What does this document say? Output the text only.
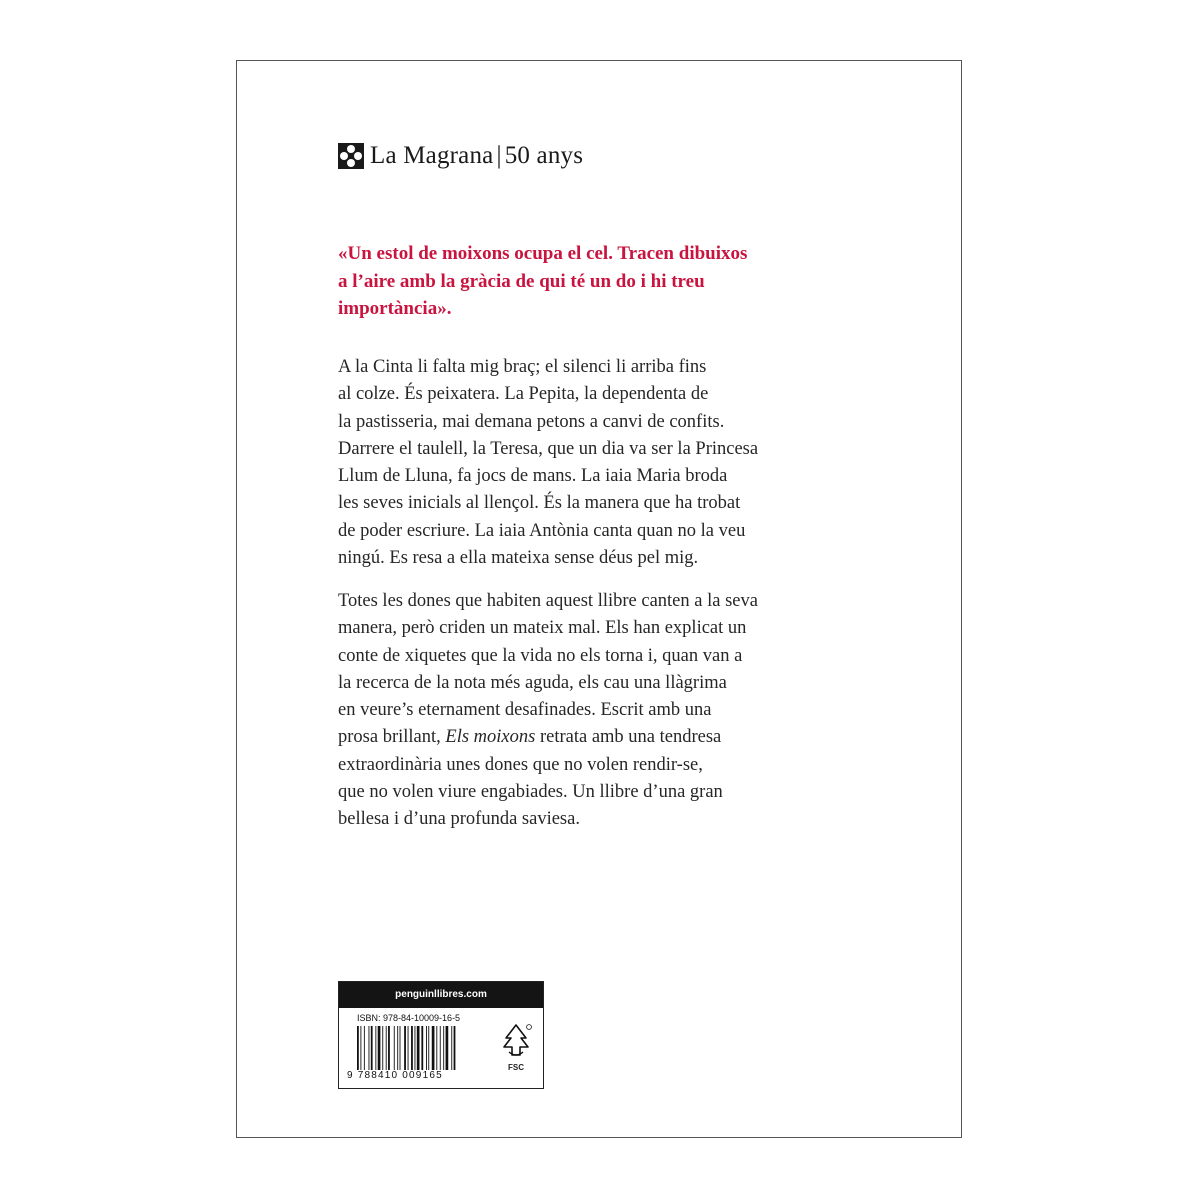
La Magrana | 50 anys
«Un estol de moixons ocupa el cel. Tracen dibuixos
a l’aire amb la gràcia de qui té un do i hi treu
importància».
A la Cinta li falta mig braç; el silenci li arriba fins
al colze. És peixatera. La Pepita, la dependenta de
la pastisseria, mai demana petons a canvi de confits.
Darrere el taulell, la Teresa, que un dia va ser la Princesa
Llum de Lluna, fa jocs de mans. La iaia Maria broda
les seves inicials al llençol. És la manera que ha trobat
de poder escriure. La iaia Antònia canta quan no la veu
ningú. Es resa a ella mateixa sense déus pel mig.
Totes les dones que habiten aquest llibre canten a la seva
manera, però criden un mateix mal. Els han explicat un
conte de xiquetes que la vida no els torna i, quan van a
la recerca de la nota més aguda, els cau una llàgrima
en veure’s eternament desafinades. Escrit amb una
prosa brillant, Els moixons retrata amb una tendresa
extraordinària unes dones que no volen rendir-se,
que no volen viure engabiades. Un llibre d’una gran
bellesa i d’una profunda saviesa.
penguinllibres.com
ISBN: 978-84-10009-16-5
9 788410 009165
FSC
